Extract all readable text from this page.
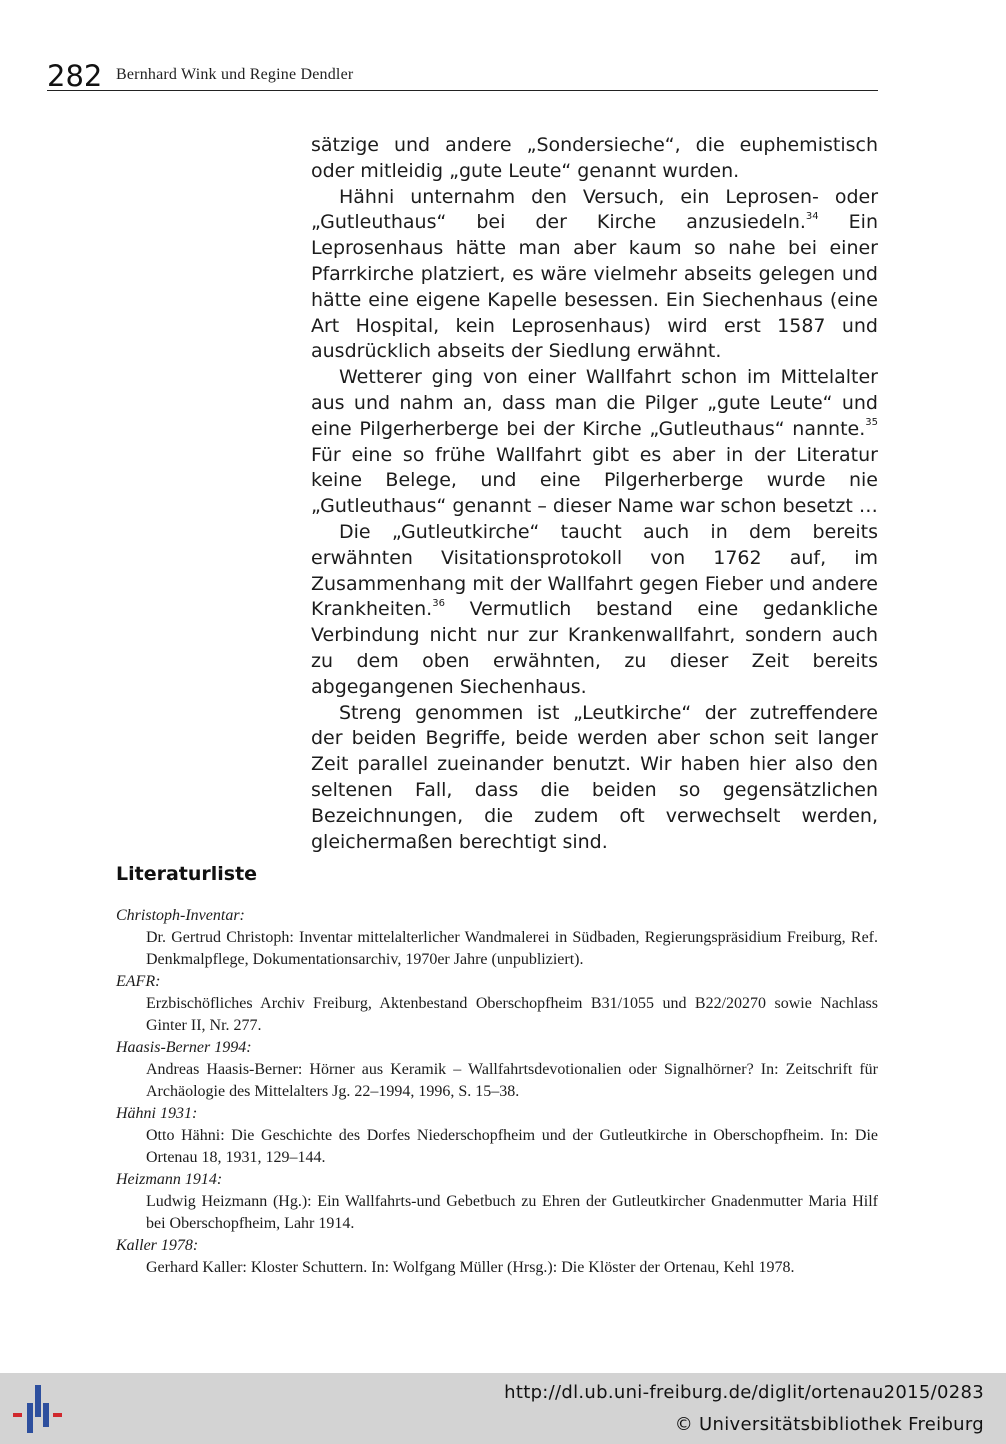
282 Bernhard Wink und Regine Dendler

sätzige und andere „Sondersieche“, die euphemistisch oder mitleidig „gute Leute“ genannt wurden.

Hähni unternahm den Versuch, ein Leprosen- oder „Gutleuthaus“ bei der Kirche anzusiedeln.$^{34}$ Ein Leprosenhaus hätte man aber kaum so nahe bei einer Pfarrkirche platziert, es wäre vielmehr abseits gelegen und hätte eine eigene Kapelle besessen. Ein Siechenhaus (eine Art Hospital, kein Leprosenhaus) wird erst 1587 und ausdrücklich abseits der Siedlung erwähnt.

Wetterer ging von einer Wallfahrt schon im Mittelalter aus und nahm an, dass man die Pilger „gute Leute“ und eine Pilgerherberge bei der Kirche „Gutleuthaus“ nannte.$^{35}$ Für eine so frühe Wallfahrt gibt es aber in der Literatur keine Belege, und eine Pilgerherberge wurde nie „Gutleuthaus“ genannt – dieser Name war schon besetzt …

Die „Gutleutkirche“ taucht auch in dem bereits erwähnten Visitationsprotokoll von 1762 auf, im Zusammenhang mit der Wallfahrt gegen Fieber und andere Krankheiten.$^{36}$ Vermutlich bestand eine gedankliche Verbindung nicht nur zur Krankenwallfahrt, sondern auch zu dem oben erwähnten, zu dieser Zeit bereits abgegangenen Siechenhaus.

Streng genommen ist „Leutkirche“ der zutreffendere der beiden Begriffe, beide werden aber schon seit langer Zeit parallel zueinander benutzt. Wir haben hier also den seltenen Fall, dass die beiden so gegensätzlichen Bezeichnungen, die zudem oft verwechselt werden, gleichermaßen berechtigt sind.

Literaturliste
Christoph-Inventar:
Dr. Gertrud Christoph: Inventar mittelalterlicher Wandmalerei in Südbaden, Regierungspräsidium Freiburg, Ref. Denkmalpflege, Dokumentationsarchiv, 1970er Jahre (unpubliziert).
EAFR:
Erzbischöfliches Archiv Freiburg, Aktenbestand Oberschopfheim B31/1055 und B22/20270 sowie Nachlass Ginter II, Nr. 277.
Haasis-Berner 1994:
Andreas Haasis-Berner: Hörner aus Keramik – Wallfahrtsdevotionalien oder Signalhörner? In: Zeitschrift für Archäologie des Mittelalters Jg. 22–1994, 1996, S. 15–38.
Hähni 1931:
Otto Hähni: Die Geschichte des Dorfes Niederschopfheim und der Gutleutkirche in Oberschopfheim. In: Die Ortenau 18, 1931, 129–144.
Heizmann 1914:
Ludwig Heizmann (Hg.): Ein Wallfahrts-und Gebetbuch zu Ehren der Gutleutkircher Gnadenmutter Maria Hilf bei Oberschopfheim, Lahr 1914.
Kaller 1978:
Gerhard Kaller: Kloster Schuttern. In: Wolfgang Müller (Hrsg.): Die Klöster der Ortenau, Kehl 1978.
http://dl.ub.uni-freiburg.de/diglit/ortenau2015/0283
© Universitätsbibliothek Freiburg
